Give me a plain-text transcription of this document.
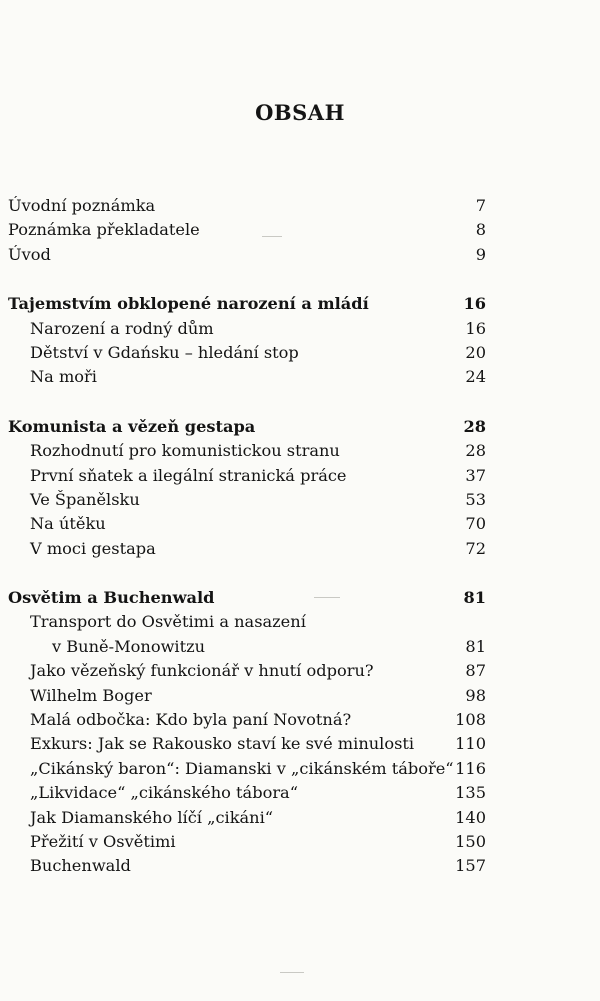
OBSAH
Úvodní poznámka	7
Poznámka překladatele	8
Úvod	9
Tajemstvím obklopené narození a mládí	16
Narození a rodný dům	16
Dětství v Gdańsku – hledání stop	20
Na moři	24
Komunista a vězeň gestapa	28
Rozhodnutí pro komunistickou stranu	28
První sňatek a ilegální stranická práce	37
Ve Španělsku	53
Na útěku	70
V moci gestapa	72
Osvětim a Buchenwald	81
Transport do Osvětimi a nasazení
v Buně-Monowitzu	81
Jako vězeňský funkcionář v hnutí odporu?	87
Wilhelm Boger	98
Malá odbočka: Kdo byla paní Novotná?	108
Exkurs: Jak se Rakousko staví ke své minulosti	110
„Cikánský baron“: Diamanski v „cikánském táboře“ 116
„Likvidace“ „cikánského tábora“	135
Jak Diamanského líčí „cikáni“	140
Přežití v Osvětimi	150
Buchenwald	157
